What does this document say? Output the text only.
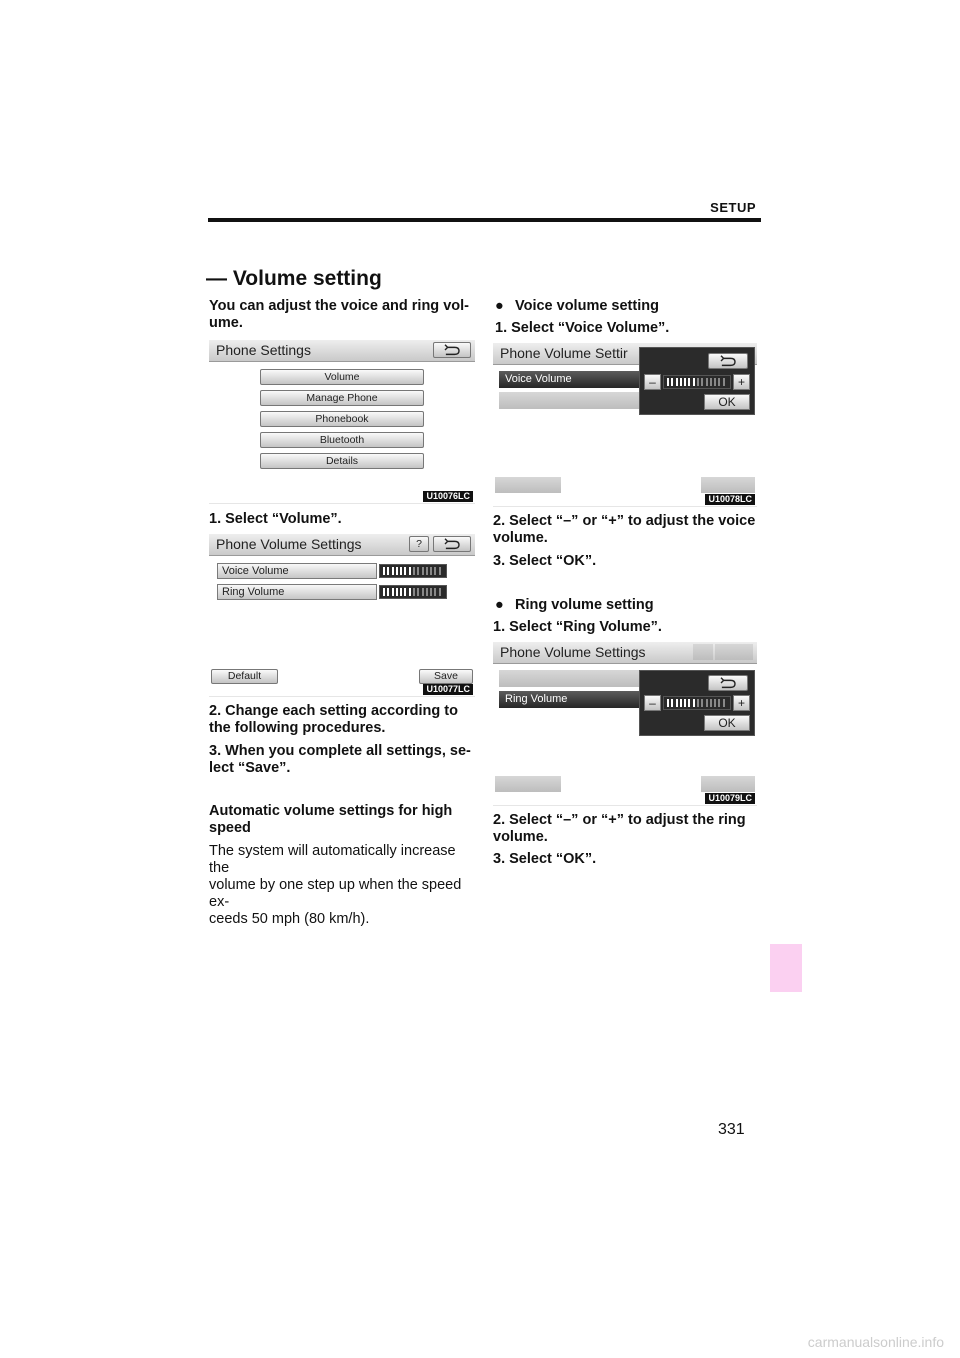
SETUP
— Volume setting
You can adjust the voice and ring vol-
ume.
Phone Settings
Volume
Manage Phone
Phonebook
Bluetooth
Details
U10076LC
1. Select “Volume”.
Phone Volume Settings	?
Voice Volume
Ring Volume
Default	Save
U10077LC
2. Change each setting according to
the following procedures.
3. When you complete all settings, se-
lect “Save”.
Automatic volume settings for high
speed
The system will automatically increase the
volume by one step up when the speed ex-
ceeds 50 mph (80 km/h).
● Voice volume setting
1. Select “Voice Volume”.
Phone Volume Settir
Voice Volume	–	+
OK
U10078LC
2. Select “–” or “+” to adjust the voice
volume.
3. Select “OK”.
● Ring volume setting
1. Select “Ring Volume”.
Phone Volume Settings
Ring Volume	–	+
OK
U10079LC
2. Select “–” or “+” to adjust the ring
volume.
3. Select “OK”.
331
carmanualsonline.info
